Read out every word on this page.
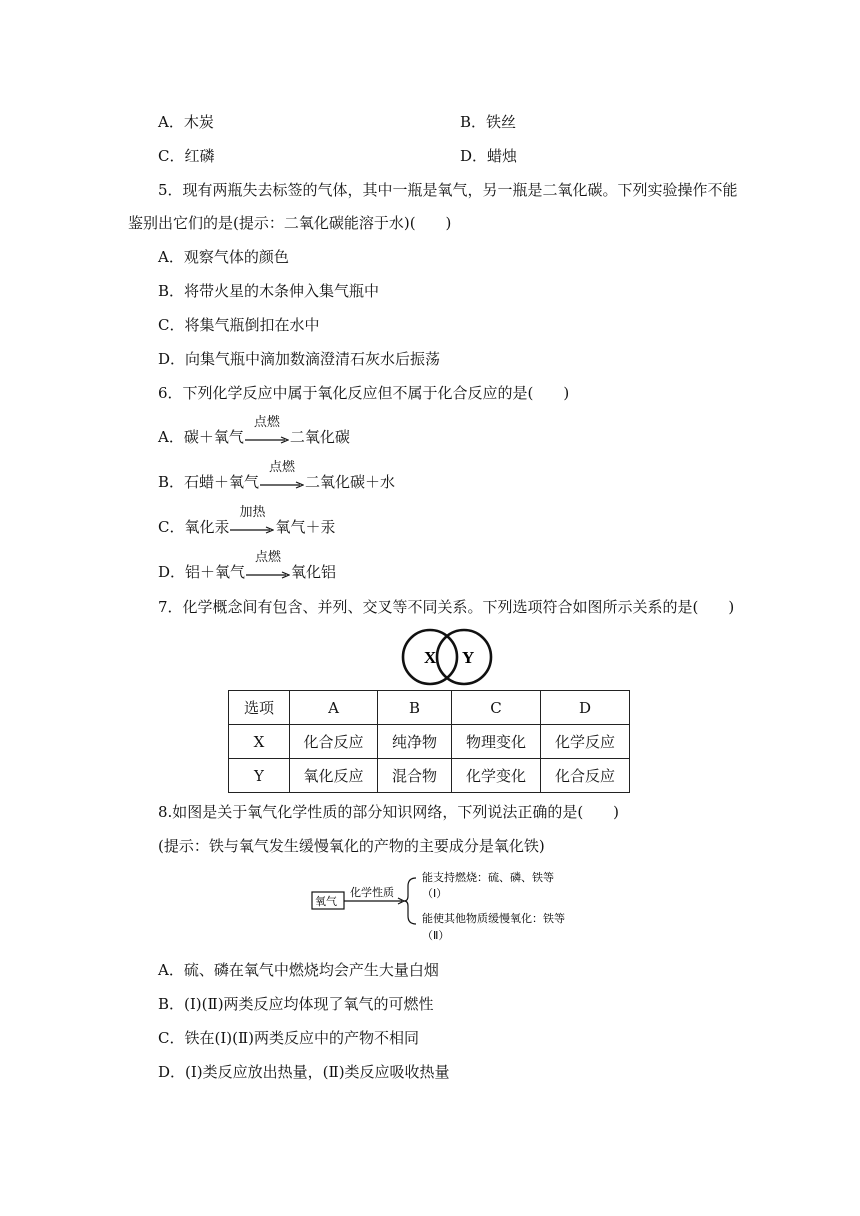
A．木炭	B．铁丝
C．红磷	D．蜡烛
5．现有两瓶失去标签的气体，其中一瓶是氧气，另一瓶是二氧化碳。下列实验操作不能
鉴别出它们的是(提示：二氧化碳能溶于水)(　　)
A．观察气体的颜色
B．将带火星的木条伸入集气瓶中
C．将集气瓶倒扣在水中
D．向集气瓶中滴加数滴澄清石灰水后振荡
6．下列化学反应中属于氧化反应但不属于化合反应的是(　　)
A．碳＋氧气
点燃
二氧化碳
B．石蜡＋氧气
点燃
二氧化碳＋水
C．氧化汞
加热
氧气＋汞
D．铝＋氧气
点燃
氧化铝
7．化学概念间有包含、并列、交叉等不同关系。下列选项符合如图所示关系的是(　　)
X Y
选项	A	B	C	D
X	化合反应	纯净物	物理变化	化学反应
Y	氧化反应	混合物	化学变化	化合反应
8.如图是关于氧气化学性质的部分知识网络，下列说法正确的是(　　)
(提示：铁与氧气发生缓慢氧化的产物的主要成分是氧化铁)
氧气
化学性质
能支持燃烧：硫、磷、铁等
（Ⅰ）
能使其他物质缓慢氧化：铁等
（Ⅱ）
A．硫、磷在氧气中燃烧均会产生大量白烟
B．(Ⅰ)(Ⅱ)两类反应均体现了氧气的可燃性
C．铁在(Ⅰ)(Ⅱ)两类反应中的产物不相同
D．(Ⅰ)类反应放出热量，(Ⅱ)类反应吸收热量
